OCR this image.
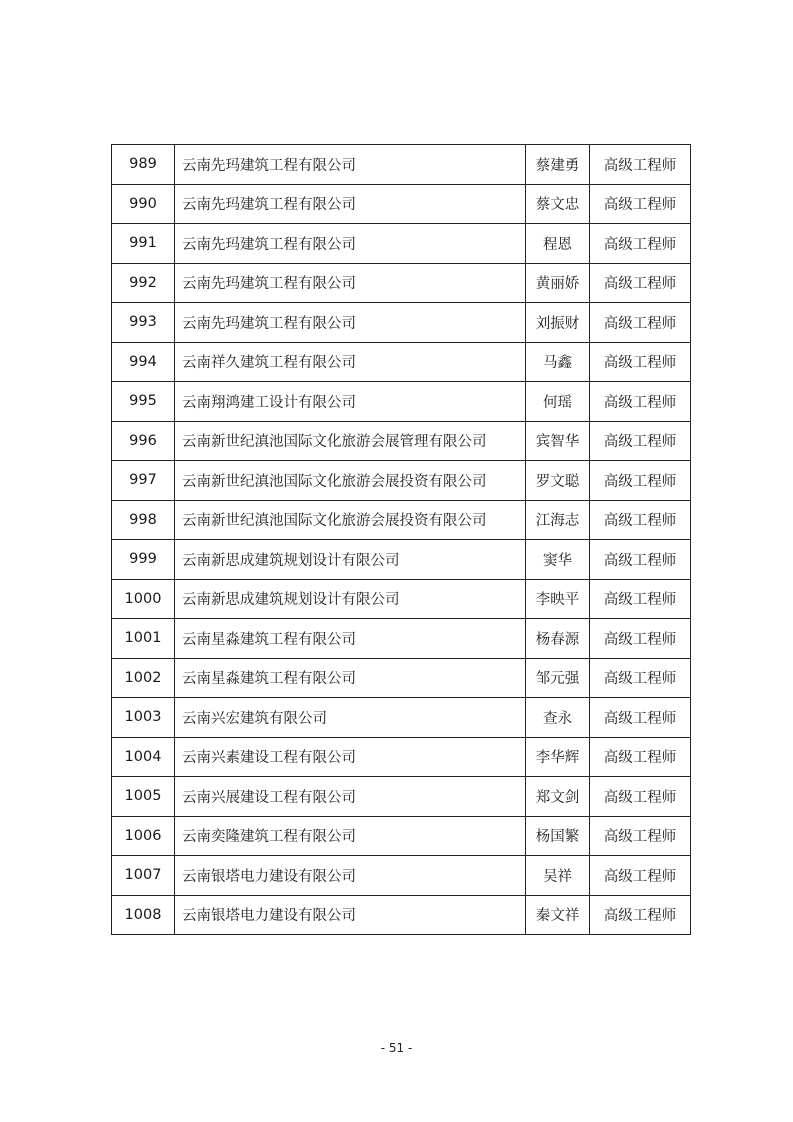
989	云南先玛建筑工程有限公司	蔡建勇	高级工程师
990	云南先玛建筑工程有限公司	蔡文忠	高级工程师
991	云南先玛建筑工程有限公司	程恩	高级工程师
992	云南先玛建筑工程有限公司	黄丽娇	高级工程师
993	云南先玛建筑工程有限公司	刘振财	高级工程师
994	云南祥久建筑工程有限公司	马鑫	高级工程师
995	云南翔鸿建工设计有限公司	何瑶	高级工程师
996	云南新世纪滇池国际文化旅游会展管理有限公司	宾智华	高级工程师
997	云南新世纪滇池国际文化旅游会展投资有限公司	罗文聪	高级工程师
998	云南新世纪滇池国际文化旅游会展投资有限公司	江海志	高级工程师
999	云南新思成建筑规划设计有限公司	窦华	高级工程师
1000	云南新思成建筑规划设计有限公司	李映平	高级工程师
1001	云南星淼建筑工程有限公司	杨春源	高级工程师
1002	云南星淼建筑工程有限公司	邹元强	高级工程师
1003	云南兴宏建筑有限公司	查永	高级工程师
1004	云南兴素建设工程有限公司	李华辉	高级工程师
1005	云南兴展建设工程有限公司	郑文剑	高级工程师
1006	云南奕隆建筑工程有限公司	杨国繁	高级工程师
1007	云南银塔电力建设有限公司	吴祥	高级工程师
1008	云南银塔电力建设有限公司	秦文祥	高级工程师
- 51 -
